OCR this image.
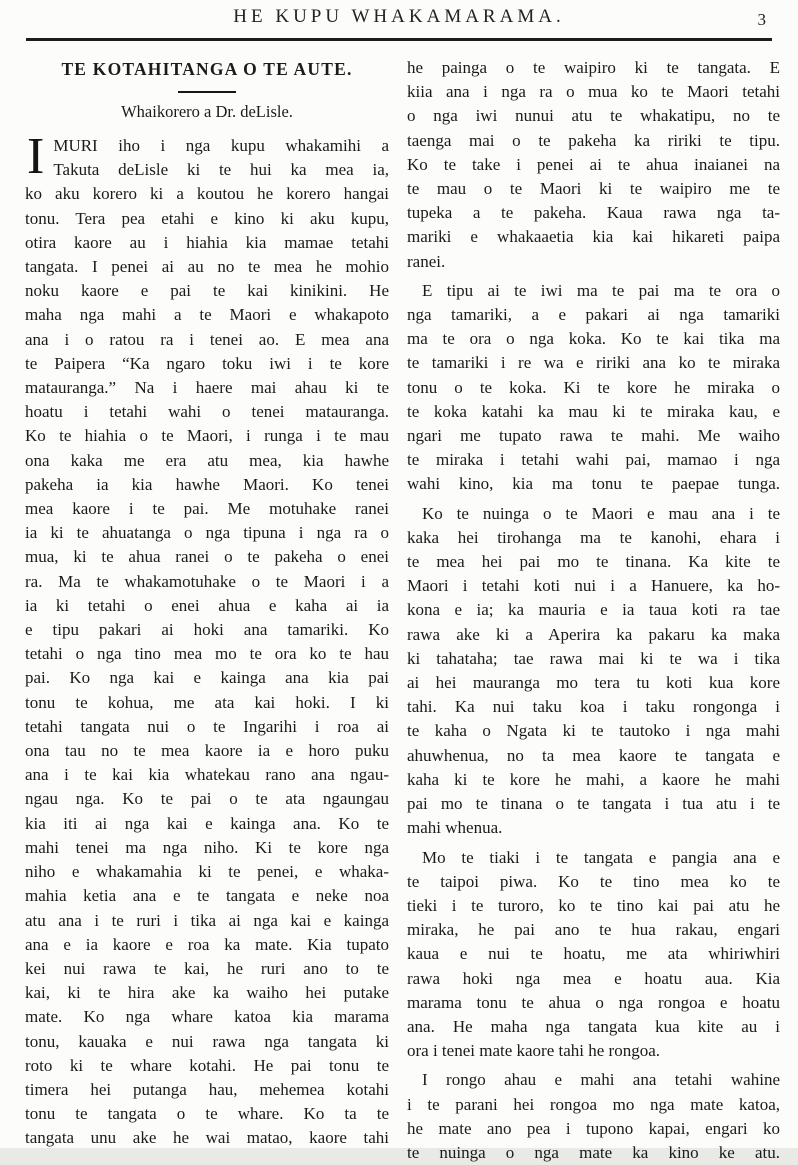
HE KUPU WHAKAMARAMA.	3
TE KOTAHITANGA O TE AUTE.
Whaikorero a Dr. deLisle.
I MURI iho i nga kupu whakamihi a
Takuta deLisle ki te hui ka mea ia,
ko aku korero ki a koutou he korero hangai
tonu. Tera pea etahi e kino ki aku kupu,
otira kaore au i hiahia kia mamae tetahi
tangata. I penei ai au no te mea he mohio
noku kaore e pai te kai kinikini. He
maha nga mahi a te Maori e whakapoto
ana i o ratou ra i tenei ao. E mea ana
te Paipera “Ka ngaro toku iwi i te kore
matauranga.” Na i haere mai ahau ki te
hoatu i tetahi wahi o tenei matauranga.
Ko te hiahia o te Maori, i runga i te mau
ona kaka me era atu mea, kia hawhe
pakeha ia kia hawhe Maori. Ko tenei
mea kaore i te pai. Me motuhake ranei
ia ki te ahuatanga o nga tipuna i nga ra o
mua, ki te ahua ranei o te pakeha o enei
ra. Ma te whakamotuhake o te Maori i a
ia ki tetahi o enei ahua e kaha ai ia
e tipu pakari ai hoki ana tamariki. Ko
tetahi o nga tino mea mo te ora ko te hau
pai. Ko nga kai e kainga ana kia pai
tonu te kohua, me ata kai hoki. I ki
tetahi tangata nui o te Ingarihi i roa ai
ona tau no te mea kaore ia e horo puku
ana i te kai kia whatekau rano ana ngau-
ngau nga. Ko te pai o te ata ngaungau
kia iti ai nga kai e kainga ana. Ko te
mahi tenei ma nga niho. Ki te kore nga
niho e whakamahia ki te penei, e whaka-
mahia ketia ana e te tangata e neke noa
atu ana i te ruri i tika ai nga kai e kainga
ana e ia kaore e roa ka mate. Kia tupato
kei nui rawa te kai, he ruri ano to te
kai, ki te hira ake ka waiho hei putake
mate. Ko nga whare katoa kia marama
tonu, kauaka e nui rawa nga tangata ki
roto ki te whare kotahi. He pai tonu te
timera hei putanga hau, mehemea kotahi
tonu te tangata o te whare. Ko ta te
tangata unu ake he wai matao, kaore tahi
he painga o te waipiro ki te tangata. E
kiia ana i nga ra o mua ko te Maori tetahi
o nga iwi nunui atu te whakatipu, no te
taenga mai o te pakeha ka ririki te tipu.
Ko te take i penei ai te ahua inaianei na
te mau o te Maori ki te waipiro me te
tupeka a te pakeha. Kaua rawa nga ta-
mariki e whakaaetia kia kai hikareti paipa
ranei.
E tipu ai te iwi ma te pai ma te ora o
nga tamariki, a e pakari ai nga tamariki
ma te ora o nga koka. Ko te kai tika ma
te tamariki i re wa e ririki ana ko te miraka
tonu o te koka. Ki te kore he miraka o
te koka katahi ka mau ki te miraka kau, e
ngari me tupato rawa te mahi. Me waiho
te miraka i tetahi wahi pai, mamao i nga
wahi kino, kia ma tonu te paepae tunga.
Ko te nuinga o te Maori e mau ana i te
kaka hei tirohanga ma te kanohi, ehara i
te mea hei pai mo te tinana. Ka kite te
Maori i tetahi koti nui i a Hanuere, ka ho-
kona e ia; ka mauria e ia taua koti ra tae
rawa ake ki a Aperira ka pakaru ka maka
ki tahataha; tae rawa mai ki te wa i tika
ai hei mauranga mo tera tu koti kua kore
tahi. Ka nui taku koa i taku rongonga i
te kaha o Ngata ki te tautoko i nga mahi
ahuwhenua, no ta mea kaore te tangata e
kaha ki te kore he mahi, a kaore he mahi
pai mo te tinana o te tangata i tua atu i te
mahi whenua.
Mo te tiaki i te tangata e pangia ana e
te taipoi piwa. Ko te tino mea ko te
tieki i te turoro, ko te tino kai pai atu he
miraka, he pai ano te hua rakau, engari
kaua e nui te hoatu, me ata whiriwhiri
rawa hoki nga mea e hoatu aua. Kia
marama tonu te ahua o nga rongoa e hoatu
ana. He maha nga tangata kua kite au i
ora i tenei mate kaore tahi he rongoa.
I rongo ahau e mahi ana tetahi wahine
i te parani hei rongoa mo nga mate katoa,
he mate ano pea i tupono kapai, engari ko
te nuinga o nga mate ka kino ke atu.
